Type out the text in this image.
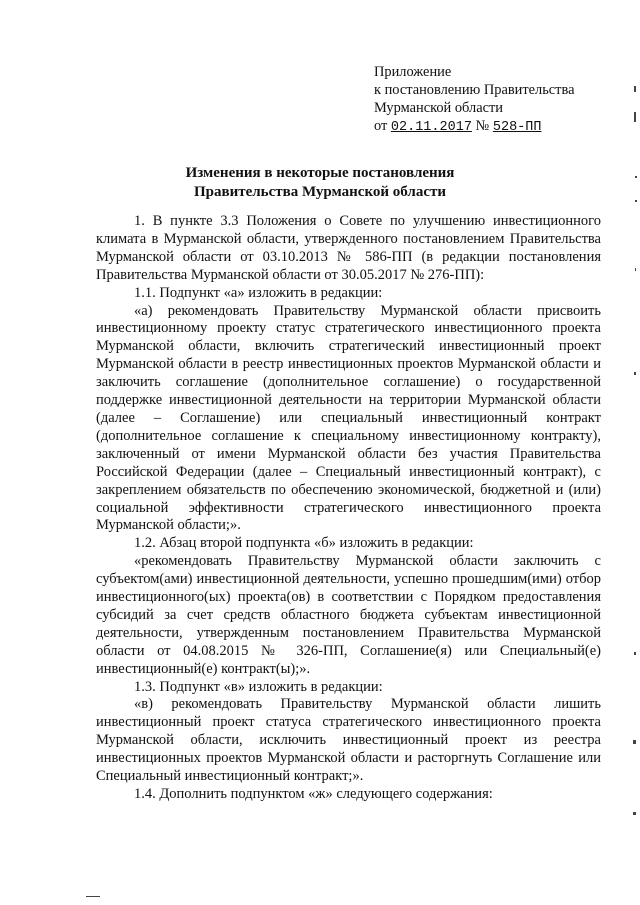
Приложение
к постановлению Правительства
Мурманской области
от 02.11.2017 № 528-ПП
Изменения в некоторые постановления
Правительства Мурманской области

1. В пункте 3.3 Положения о Совете по улучшению инвестиционного климата в Мурманской области, утвержденного постановлением Правительства Мурманской области от 03.10.2013 № 586-ПП (в редакции постановления Правительства Мурманской области от 30.05.2017 № 276-ПП):

1.1. Подпункт «а» изложить в редакции:

«а) рекомендовать Правительству Мурманской области присвоить инвестиционному проекту статус стратегического инвестиционного проекта Мурманской области, включить стратегический инвестиционный проект Мурманской области в реестр инвестиционных проектов Мурманской области и заключить соглашение (дополнительное соглашение) о государственной поддержке инвестиционной деятельности на территории Мурманской области (далее – Соглашение) или специальный инвестиционный контракт (дополнительное соглашение к специальному инвестиционному контракту), заключенный от имени Мурманской области без участия Правительства Российской Федерации (далее – Специальный инвестиционный контракт), с закреплением обязательств по обеспечению экономической, бюджетной и (или) социальной эффективности стратегического инвестиционного проекта Мурманской области;».

1.2. Абзац второй подпункта «б» изложить в редакции:

«рекомендовать Правительству Мурманской области заключить с субъектом(ами) инвестиционной деятельности, успешно прошедшим(ими) отбор инвестиционного(ых) проекта(ов) в соответствии с Порядком предоставления субсидий за счет средств областного бюджета субъектам инвестиционной деятельности, утвержденным постановлением Правительства Мурманской области от 04.08.2015 № 326-ПП, Соглашение(я) или Специальный(е) инвестиционный(е) контракт(ы);».

1.3. Подпункт «в» изложить в редакции:

«в) рекомендовать Правительству Мурманской области лишить инвестиционный проект статуса стратегического инвестиционного проекта Мурманской области, исключить инвестиционный проект из реестра инвестиционных проектов Мурманской области и расторгнуть Соглашение или Специальный инвестиционный контракт;».

1.4. Дополнить подпунктом «ж» следующего содержания:
